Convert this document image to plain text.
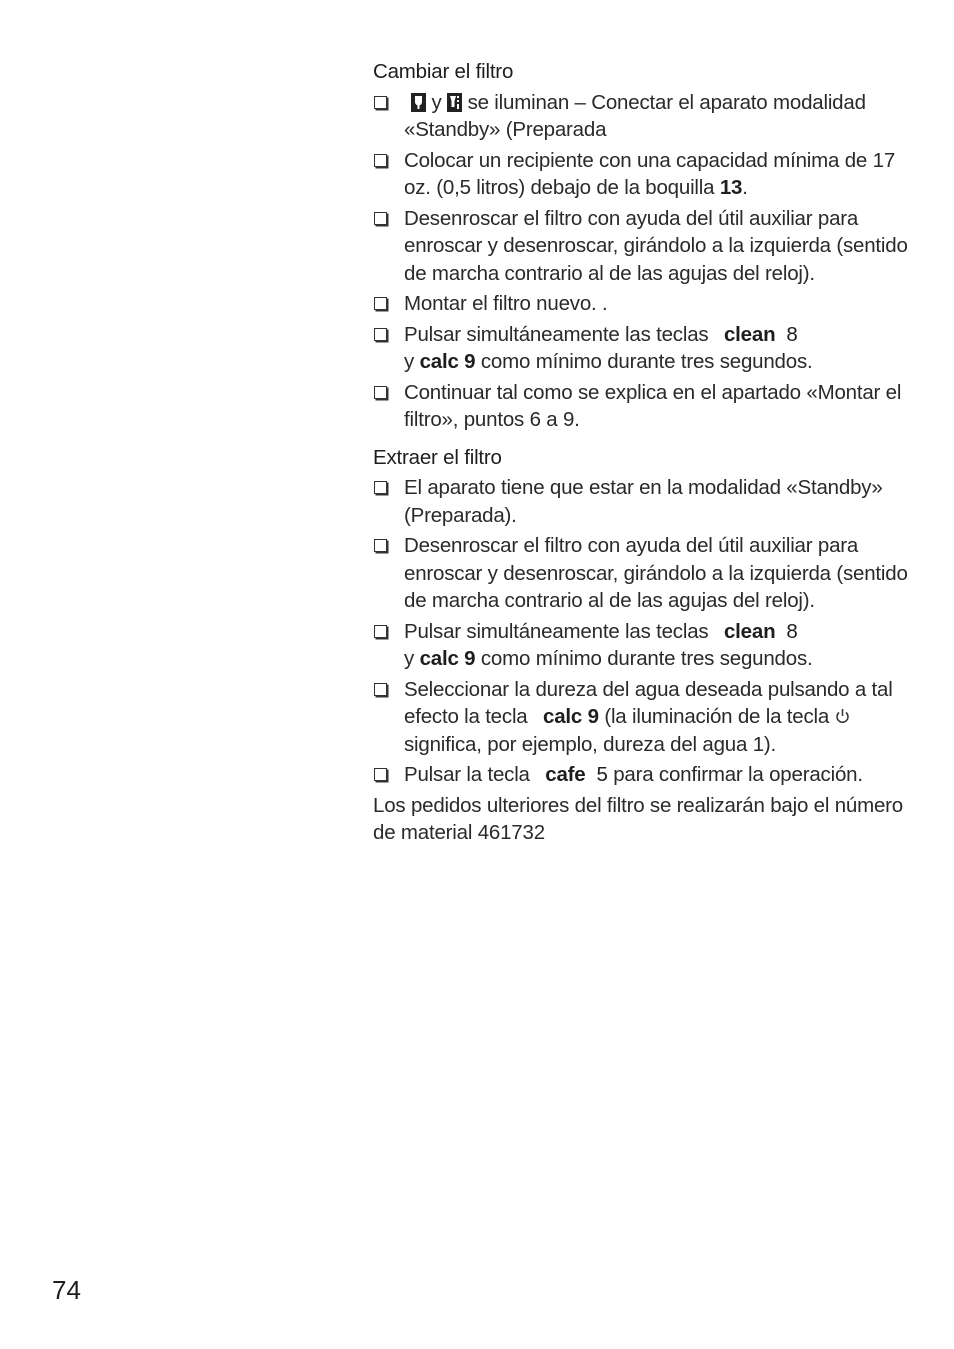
Cambiar el filtro
y se iluminan – Conectar el aparato modalidad «Standby» (Preparada
Colocar un recipiente con una capacidad mínima de 17 oz. (0,5 litros) debajo de la boquilla 13.
Desenroscar el filtro con ayuda del útil auxiliar para enroscar y desenroscar, girándolo a la izquierda (sentido de marcha contrario al de las agujas del reloj).
Montar el filtro nuevo. .
Pulsar simultáneamente las teclas clean 8
y calc 9 como mínimo durante tres segundos.
Continuar tal como se explica en el apartado «Montar el filtro», puntos 6 a 9.
Extraer el filtro
El aparato tiene que estar en la modalidad «Standby» (Preparada).
Desenroscar el filtro con ayuda del útil auxiliar para enroscar y desenroscar, girándolo a la izquierda (sentido de marcha contrario al de las agujas del reloj).
Pulsar simultáneamente las teclas clean 8
y calc 9 como mínimo durante tres segundos.
Seleccionar la dureza del agua deseada pulsando a tal efecto la tecla calc 9 (la iluminación de la tecla  significa, por ejemplo, dureza del agua 1).
Pulsar la tecla cafe 5 para confirmar la operación.
Los pedidos ulteriores del filtro se realizarán bajo el número de material 461732
74
